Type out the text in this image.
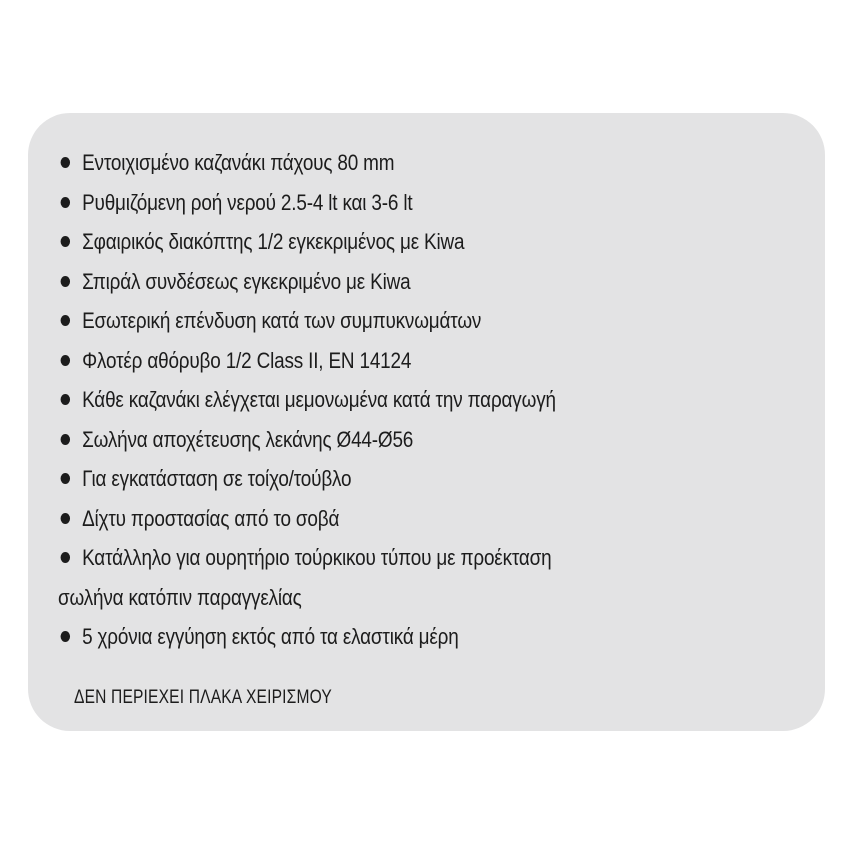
Εντοιχισμένο καζανάκι πάχους 80 mm
Ρυθμιζόμενη ροή νερού 2.5-4 lt και 3-6 lt
Σφαιρικός διακόπτης 1/2 εγκεκριμένος με Kiwa
Σπιράλ συνδέσεως εγκεκριμένο με Kiwa
Εσωτερική επένδυση κατά των συμπυκνωμάτων
Φλοτέρ αθόρυβο 1/2 Class II, EN 14124
Κάθε καζανάκι ελέγχεται μεμονωμένα κατά την παραγωγή
Σωλήνα αποχέτευσης λεκάνης Ø44-Ø56
Για εγκατάσταση σε τοίχο/τούβλο
Δίχτυ προστασίας από το σοβά
Κατάλληλο για ουρητήριο τούρκικου τύπου με προέκταση
σωλήνα κατόπιν παραγγελίας
5 χρόνια εγγύηση εκτός από τα ελαστικά μέρη

ΔΕΝ ΠΕΡΙΕΧΕΙ ΠΛΑΚΑ ΧΕΙΡΙΣΜΟΥ
